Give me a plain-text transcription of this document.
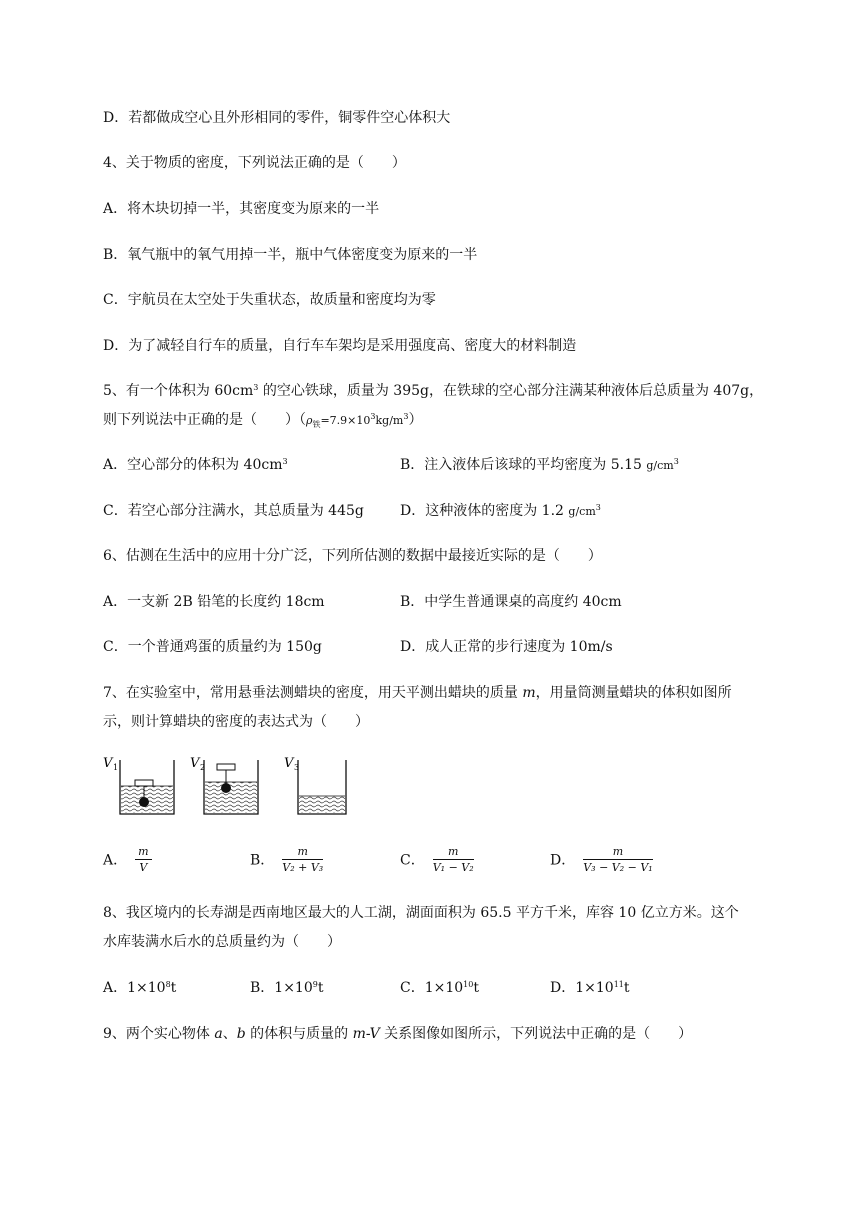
D．若都做成空心且外形相同的零件，铜零件空心体积大
4、关于物质的密度，下列说法正确的是（　　）
A．将木块切掉一半，其密度变为原来的一半
B．氧气瓶中的氧气用掉一半，瓶中气体密度变为原来的一半
C．宇航员在太空处于失重状态，故质量和密度均为零
D．为了减轻自行车的质量，自行车车架均是采用强度高、密度大的材料制造
5、有一个体积为 $60cm^3$ 的空心铁球，质量为 395g，在铁球的空心部分注满某种液体后总质量为 407g，
则下列说法中正确的是（　　）$(\rho_铁=7.9\times 10^3kg/m^3)$
A．空心部分的体积为 $40cm^3$	B．注入液体后该球的平均密度为 5.15 $g/cm^3$
C．若空心部分注满水，其总质量为 445g	D．这种液体的密度为 1.2 $g/cm^3$
6、估测在生活中的应用十分广泛，下列所估测的数据中最接近实际的是（　　）
A．一支新 2B 铅笔的长度约 18cm	B．中学生普通课桌的高度约 40cm
C．一个普通鸡蛋的质量约为 150g	D．成人正常的步行速度为 10m/s
7、在实验室中，常用悬垂法测蜡块的密度，用天平测出蜡块的质量 m，用量筒测量蜡块的体积如图所
示，则计算蜡块的密度的表达式为（　　）
V 1	V 2	V 3
A． $\frac{m}{V}$	B． $\frac{m}{\text{V₂ + V₃}}$	C． $\frac{m}{\text{V₁ − V₂}}$	D． $\frac{m}{\text{V₃ − V₂ − V₁}}$
8、我区境内的长寿湖是西南地区最大的人工湖，湖面面积为 65.5 平方千米，库容 10 亿立方米。这个
水库装满水后水的总质量约为（　　）
A．$1\times 10^8t$	B．$1\times 10^9t$	C．$1\times 10^{10}t$	D．$1\times 10^{11}t$
9、两个实心物体 a、b 的体积与质量的 m-V 关系图像如图所示，下列说法中正确的是（　　）
